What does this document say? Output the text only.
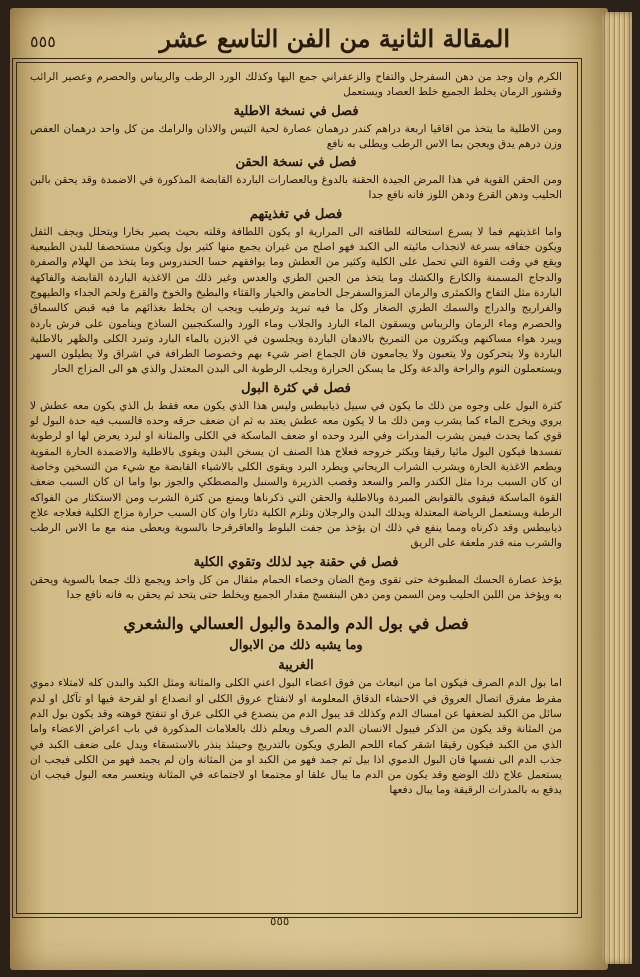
المقالة الثانية من الفن التاسع عشر
٥٥٥

الكرم وان وجد من دهن السفرجل والتفاح والزعفراني جمع اليها وكذلك الورد الرطب والريباس والحصرم وعصير الرائب وقشور الرمان يخلط الجميع خلط العصاد ويستعمل

فصل في نسخة الاطلية

ومن الاطلية ما يتخذ من اقاقيا اربعة دراهم كندر درهمان عصارة لحية التيس والاذان والرامك من كل واحد درهمان العفص وزن درهم يدق ويعجن بما الاس الرطب ويطلى به نافع

فصل في نسخة الحقن

ومن الحقن القوية في هذا المرض الجيدة الحقنة بالدوغ وبالعصارات الباردة القابضة المذكورة في الاضمدة وقد يحقن بالبن الحليب ودهن القرع ودهن اللوز فانه نافع جدا

فصل في تغذيتهم

واما اغذيتهم فما لا يسرع استحالته للطافته الى المرارية او يكون اللطافة وقلته بحيث يصير بخارا ويتحلل ويجف الثفل ويكون جفافه بسرعة لانجذاب مائيته الى الكبد فهو اصلح من غيران يجمع منها كثير بول ويكون مستحصفا للبدن الطبيعية ويقع في وقت القوة التي تحمل على الكلية وكثير من العطش وما يوافقهم حسا الحندروس وما يتخذ من الهلام والصفرة والدجاج المسمنة والكارع والكشك وما يتخذ من الجبن الطري والعدس وغير ذلك من الاغذية الباردة القابضة والفاكهة الباردة مثل التفاح والكمثرى والرمان المزوالسفرجل الحامض والخيار والقثاء والبطيخ والخوخ والقرع ولحم الجداء والطيهوج والفراريج والدراج والسمك الطري الصغار وكل ما فيه تبريد وترطيب ويجب ان يخلط بغذائهم ما فيه قبض كالسماق والحصرم وماء الرمان والريباس ويسقون الماء البارد والجلاب وماء الورد والسكنجبين الساذج وينامون على فرش باردة ويبرد هواء مساكنهم ويكثرون من التمريخ بالادهان الباردة ويجلسون في الابزن بالماء البارد وتبرد الكلى والظهر بالاطلية الباردة ولا يتحركون ولا يتعبون ولا يجامعون فان الجماع اضر شيء بهم وخصوصا الطرافة في اشراق ولا يطيلون السهر ويستعملون النوم والراحة والدعة وكل ما يسكن الحرارة ويجلب الرطوبة الى البدن المعتدل والذي هو الى المزاج الحار

فصل في كثرة البول

كثرة البول على وجوه من ذلك ما يكون في سبيل ذيابيطس وليس هذا الذي يكون معه فقط بل الذي يكون معه عطش لا يروي ويخرج الماء كما يشرب ومن ذلك ما لا يكون معه عطش يعتد به ثم ان ضعف حرقه وحده فالسبب فيه حدة البول لو قوي كما يحدث فيمن يشرب المدرات وفي البرد وحده او ضعف الماسكة في الكلى والمثانة او لبرد يعرض لها او لرطوبة تفسدها فيكون البول مائيا رقيقا ويكثر خروجه فعلاج هذا الصنف ان يسخن البدن ويقوى بالاطلية والاضمدة الحارة المقوية ويطعم الاغذية الحارة ويشرب الشراب الريحاني ويطرد البرد ويقوى الكلى بالاشياء القابضة مع شيء من التسخين وخاصة ان كان السبب بردا مثل الكندر والمر والسعد وقصب الذريرة والسنبل والمصطكي والجوز بوا واما ان كان السبب ضعف القوة الماسكة فيقوى بالقوابض المبردة وبالاطلية والحقن التي ذكرناها ويمنع من كثرة الشرب ومن الاستكثار من الفواكه الرطبة ويستعمل الرياضة المعتدلة ويدلك البدن والرجلان وتلزم الكلية دثارا وان كان السبب حرارة مزاج الكلية فعلاجه علاج ذيابيطس وقد ذكرناه ومما ينفع في ذلك ان يؤخذ من جفت البلوط والعاقرقرحا بالسوية ويعطى منه مع ما الاس الرطب والشرب منه قدر ملعقة على الريق

فصل في حقنة جيد لذلك وتقوي الكلية

يؤخذ عصارة الحسك المطبوخة حتى تقوى ومخ الضان وخصاء الحمام مثقال من كل واحد ويجمع ذلك جمعا بالسوية ويحقن به ويؤخذ من اللبن الحليب ومن السمن ومن دهن البنفسج مقدار الجميع ويخلط حتى يتحد ثم يحقن به فانه نافع جدا

فصل في بول الدم والمدة والبول العسالي والشعري
وما يشبه ذلك من الابوال
الغريبة

اما بول الدم الصرف فيكون اما من انبعاث من فوق اعضاء البول اعني الكلى والمثانة ومثل الكبد والبدن كله لامتلاء دموي مفرط مفرق اتصال العروق في الاحشاء الدقاق المعلومة او لانفتاح عروق الكلى او انصداع او لقرحة فيها او تآكل او لدم سائل من الكبد لضعفها عن امساك الدم وكذلك قد يبول الدم من ينصدع في الكلى عرق او تنفتح فوهته وقد يكون بول الدم من المثانة وقد يكون من الذكر فيبول الانسان الدم الصرف ويعلم ذلك بالعلامات المذكورة في باب اعراض الاعضاء واما الذي من الكبد فيكون رقيقا اشقر كماء اللحم الطري ويكون بالتدريج وحينئذ ينذر بالاستسقاء ويدل على ضعف الكبد في جذب الدم الى نفسها فان البول الدموي اذا بيل ثم جمد فهو من الكبد او من المثانة وان لم يجمد فهو من الكلى فيجب ان يستعمل علاج ذلك الوضع وقد يكون من الدم ما يبال علقا او مجتمعا او لاجتماعه في المثانة ويتعسر معه البول فيجب ان يدفع به بالمدرات الرقيقة وما يبال دفعها

٥٥٥
